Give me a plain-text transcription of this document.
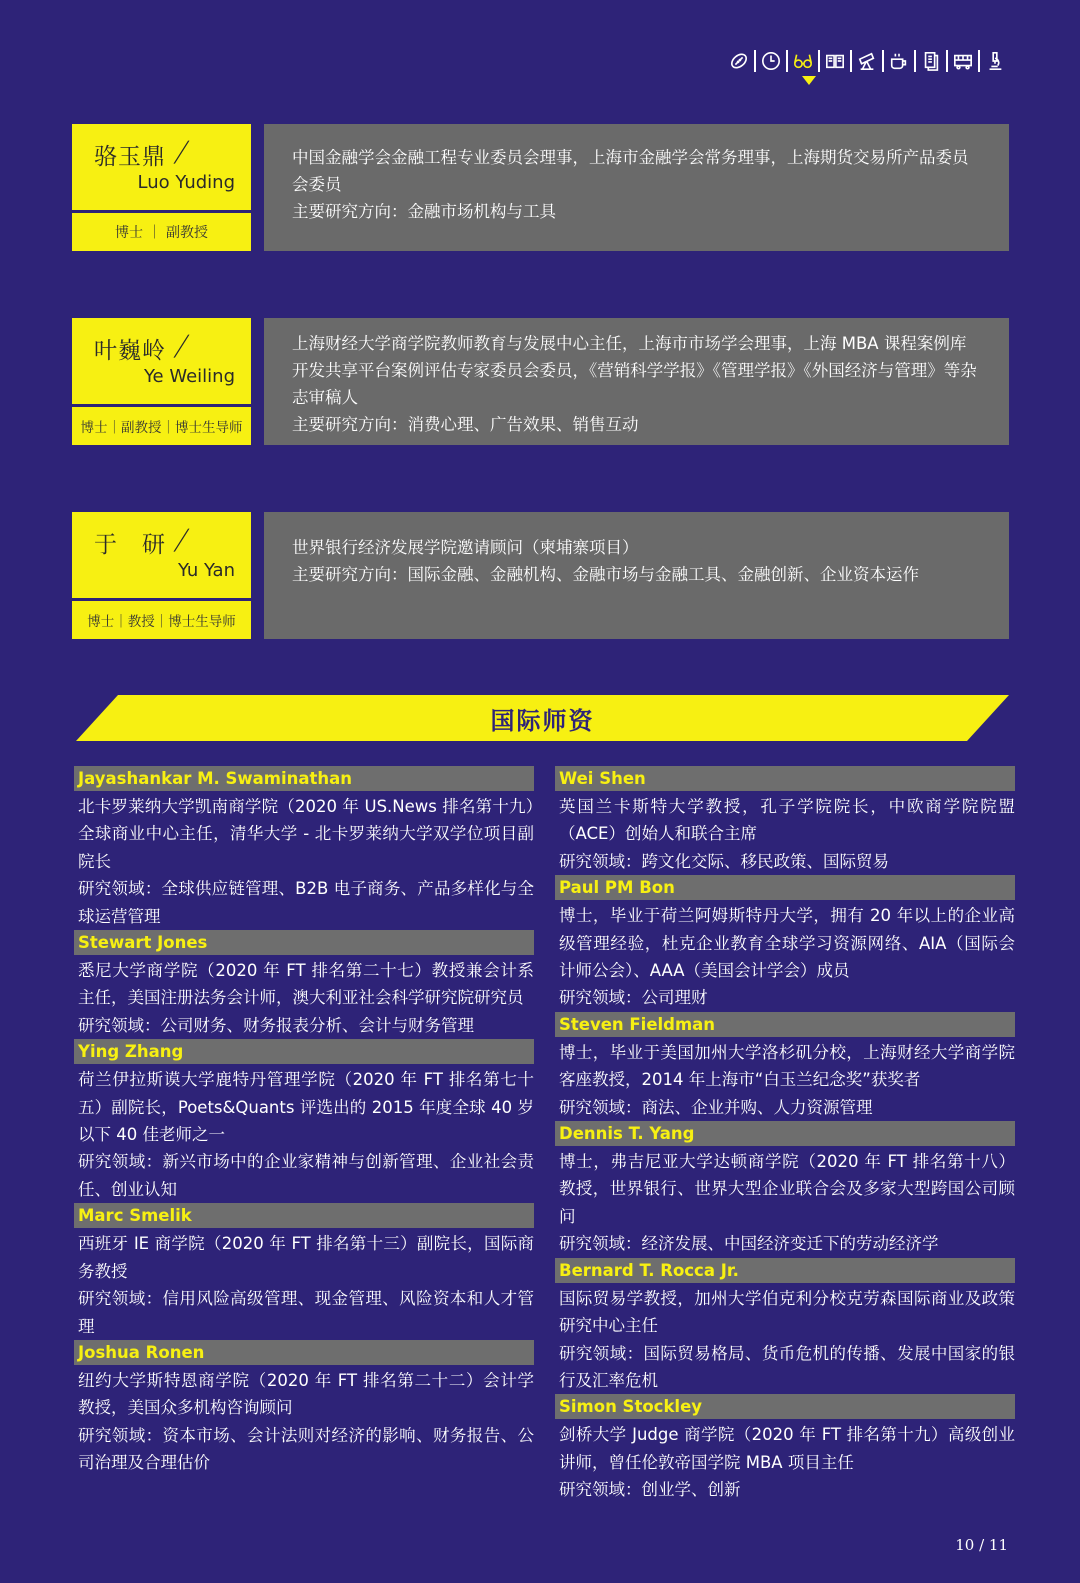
骆玉鼎 /
Luo Yuding
博士 ｜ 副教授

中国金融学会金融工程专业委员会理事，上海市金融学会常务理事，上海期货交易所产品委员会委员

主要研究方向：金融市场机构与工具

叶巍岭 /
Ye Weiling
博士｜副教授｜博士生导师

上海财经大学商学院教师教育与发展中心主任，上海市市场学会理事，上海 MBA 课程案例库开发共享平台案例评估专家委员会委员，《营销科学学报》《管理学报》《外国经济与管理》等杂志审稿人

主要研究方向：消费心理、广告效果、销售互动

于　研 /
Yu Yan
博士｜教授｜博士生导师

世界银行经济发展学院邀请顾问（柬埔寨项目）

主要研究方向：国际金融、金融机构、金融市场与金融工具、金融创新、企业资本运作

国际师资
Jayashankar M. Swaminathan

北卡罗莱纳大学凯南商学院（2020 年 US.News 排名第十九）全球商业中心主任，清华大学 - 北卡罗莱纳大学双学位项目副院长

研究领域：全球供应链管理、B2B 电子商务、产品多样化与全球运营管理

Stewart Jones

悉尼大学商学院（2020 年 FT 排名第二十七）教授兼会计系主任，美国注册法务会计师，澳大利亚社会科学研究院研究员

研究领域：公司财务、财务报表分析、会计与财务管理

Ying Zhang

荷兰伊拉斯谟大学鹿特丹管理学院（2020 年 FT 排名第七十五）副院长，Poets&Quants 评选出的 2015 年度全球 40 岁以下 40 佳老师之一

研究领域：新兴市场中的企业家精神与创新管理、企业社会责任、创业认知

Marc Smelik

西班牙 IE 商学院（2020 年 FT 排名第十三）副院长，国际商务教授

研究领域：信用风险高级管理、现金管理、风险资本和人才管理

Joshua Ronen

纽约大学斯特恩商学院（2020 年 FT 排名第二十二）会计学教授，美国众多机构咨询顾问

研究领域：资本市场、会计法则对经济的影响、财务报告、公司治理及合理估价

Wei Shen

英国兰卡斯特大学教授，孔子学院院长，中欧商学院院盟（ACE）创始人和联合主席

研究领域：跨文化交际、移民政策、国际贸易

Paul PM Bon

博士，毕业于荷兰阿姆斯特丹大学，拥有 20 年以上的企业高级管理经验，杜克企业教育全球学习资源网络、AIA（国际会计师公会）、AAA（美国会计学会）成员

研究领域：公司理财

Steven Fieldman

博士，毕业于美国加州大学洛杉矶分校，上海财经大学商学院客座教授，2014 年上海市“白玉兰纪念奖”获奖者

研究领域：商法、企业并购、人力资源管理

Dennis T. Yang

博士，弗吉尼亚大学达顿商学院（2020 年 FT 排名第十八）教授，世界银行、世界大型企业联合会及多家大型跨国公司顾问

研究领域：经济发展、中国经济变迁下的劳动经济学

Bernard T. Rocca Jr.

国际贸易学教授，加州大学伯克利分校克劳森国际商业及政策研究中心主任

研究领域：国际贸易格局、货币危机的传播、发展中国家的银行及汇率危机

Simon Stockley

剑桥大学 Judge 商学院（2020 年 FT 排名第十九）高级创业讲师，曾任伦敦帝国学院 MBA 项目主任

研究领域：创业学、创新

10 / 11
